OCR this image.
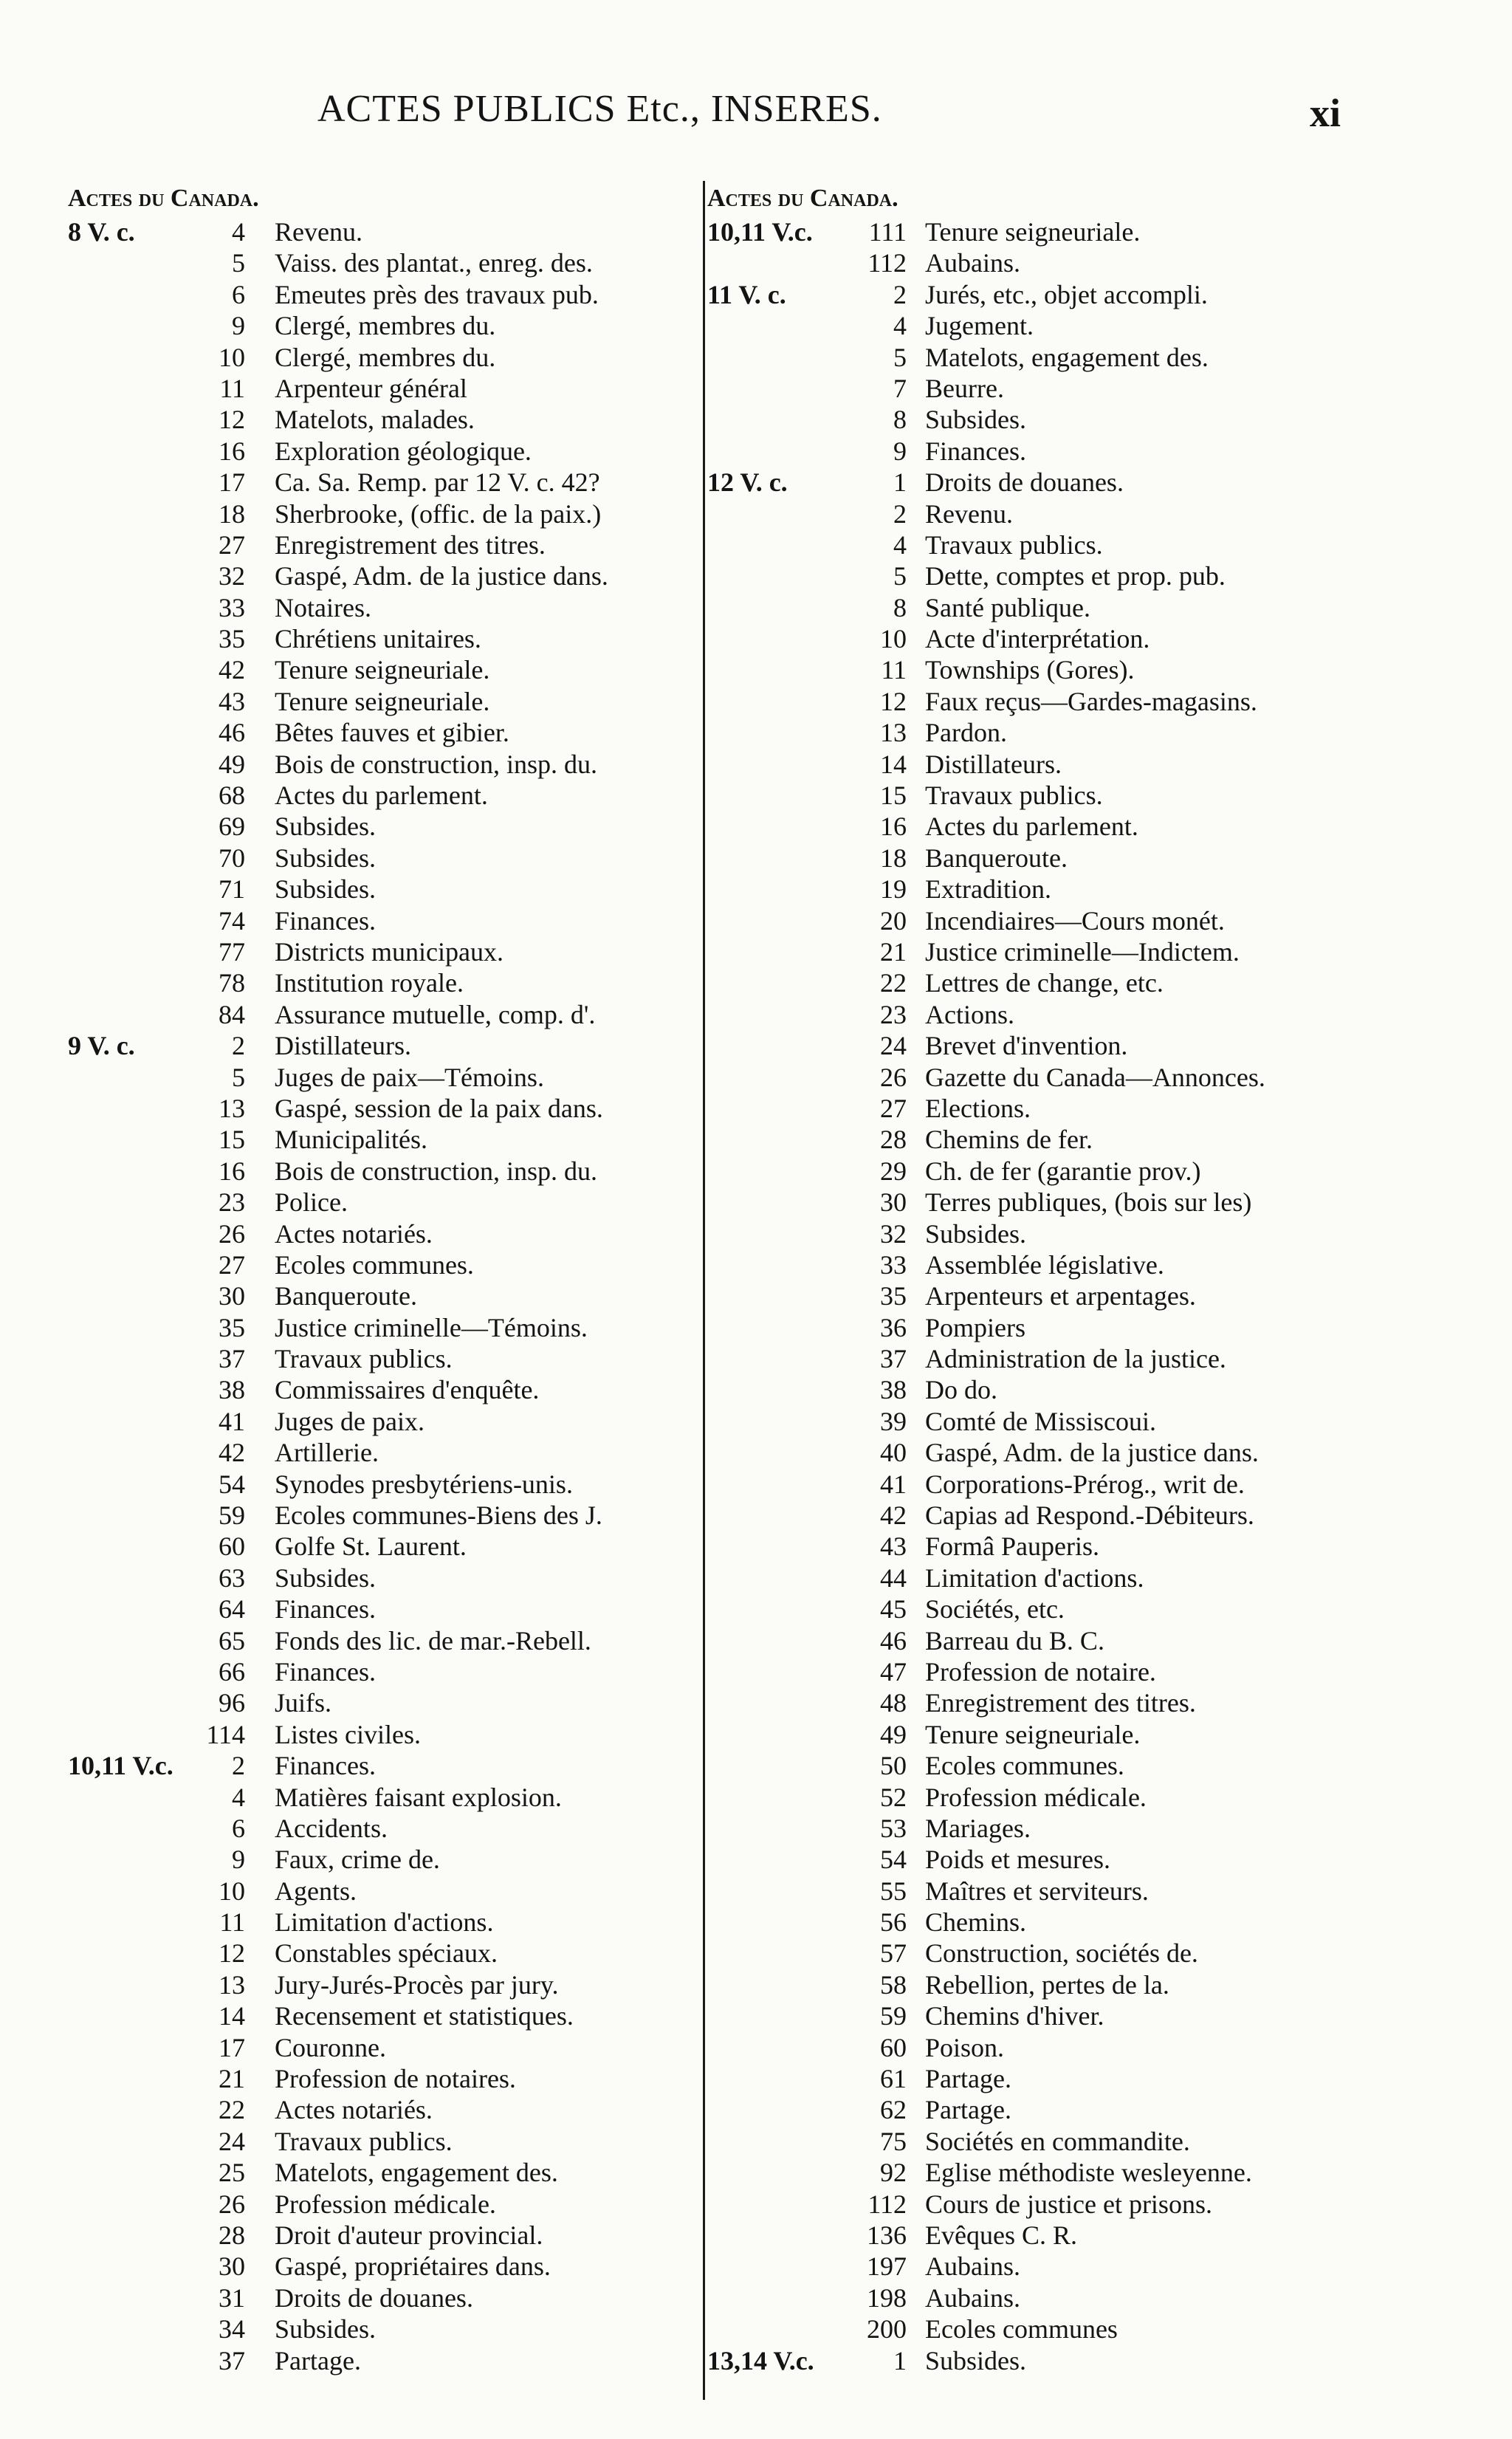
ACTES PUBLICS Etc., INSERES.	xi
Actes du Canada.
8 V. c.	4 Revenu.
5 Vaiss. des plantat., enreg. des.
6 Emeutes près des travaux pub.
9 Clergé, membres du.
10 Clergé, membres du.
11 Arpenteur général
12 Matelots, malades.
16 Exploration géologique.
17 Ca. Sa. Remp. par 12 V. c. 42?
18 Sherbrooke, (offic. de la paix.)
27 Enregistrement des titres.
32 Gaspé, Adm. de la justice dans.
33 Notaires.
35 Chrétiens unitaires.
42 Tenure seigneuriale.
43 Tenure seigneuriale.
46 Bêtes fauves et gibier.
49 Bois de construction, insp. du.
68 Actes du parlement.
69 Subsides.
70 Subsides.
71 Subsides.
74 Finances.
77 Districts municipaux.
78 Institution royale.
84 Assurance mutuelle, comp. d'.
9 V. c.	2 Distillateurs.
5 Juges de paix—Témoins.
13 Gaspé, session de la paix dans.
15 Municipalités.
16 Bois de construction, insp. du.
23 Police.
26 Actes notariés.
27 Ecoles communes.
30 Banqueroute.
35 Justice criminelle—Témoins.
37 Travaux publics.
38 Commissaires d'enquête.
41 Juges de paix.
42 Artillerie.
54 Synodes presbytériens-unis.
59 Ecoles communes-Biens des J.
60 Golfe St. Laurent.
63 Subsides.
64 Finances.
65 Fonds des lic. de mar.-Rebell.
66 Finances.
96 Juifs.
114 Listes civiles.
10,11 V.c.	2 Finances.
4 Matières faisant explosion.
6 Accidents.
9 Faux, crime de.
10 Agents.
11 Limitation d'actions.
12 Constables spéciaux.
13 Jury-Jurés-Procès par jury.
14 Recensement et statistiques.
17 Couronne.
21 Profession de notaires.
22 Actes notariés.
24 Travaux publics.
25 Matelots, engagement des.
26 Profession médicale.
28 Droit d'auteur provincial.
30 Gaspé, propriétaires dans.
31 Droits de douanes.
34 Subsides.
37 Partage.
Actes du Canada.
10,11 V.c.	111 Tenure seigneuriale.
112 Aubains.
11 V. c.	2 Jurés, etc., objet accompli.
4 Jugement.
5 Matelots, engagement des.
7 Beurre.
8 Subsides.
9 Finances.
12 V. c.	1 Droits de douanes.
2 Revenu.
4 Travaux publics.
5 Dette, comptes et prop. pub.
8 Santé publique.
10 Acte d'interprétation.
11 Townships (Gores).
12 Faux reçus—Gardes-magasins.
13 Pardon.
14 Distillateurs.
15 Travaux publics.
16 Actes du parlement.
18 Banqueroute.
19 Extradition.
20 Incendiaires—Cours monét.
21 Justice criminelle—Indictem.
22 Lettres de change, etc.
23 Actions.
24 Brevet d'invention.
26 Gazette du Canada—Annonces.
27 Elections.
28 Chemins de fer.
29 Ch. de fer (garantie prov.)
30 Terres publiques, (bois sur les)
32 Subsides.
33 Assemblée législative.
35 Arpenteurs et arpentages.
36 Pompiers
37 Administration de la justice.
38 Do do.
39 Comté de Missiscoui.
40 Gaspé, Adm. de la justice dans.
41 Corporations-Prérog., writ de.
42 Capias ad Respond.-Débiteurs.
43 Formâ Pauperis.
44 Limitation d'actions.
45 Sociétés, etc.
46 Barreau du B. C.
47 Profession de notaire.
48 Enregistrement des titres.
49 Tenure seigneuriale.
50 Ecoles communes.
52 Profession médicale.
53 Mariages.
54 Poids et mesures.
55 Maîtres et serviteurs.
56 Chemins.
57 Construction, sociétés de.
58 Rebellion, pertes de la.
59 Chemins d'hiver.
60 Poison.
61 Partage.
62 Partage.
75 Sociétés en commandite.
92 Eglise méthodiste wesleyenne.
112 Cours de justice et prisons.
136 Evêques C. R.
197 Aubains.
198 Aubains.
200 Ecoles communes
13,14 V.c.	1 Subsides.
